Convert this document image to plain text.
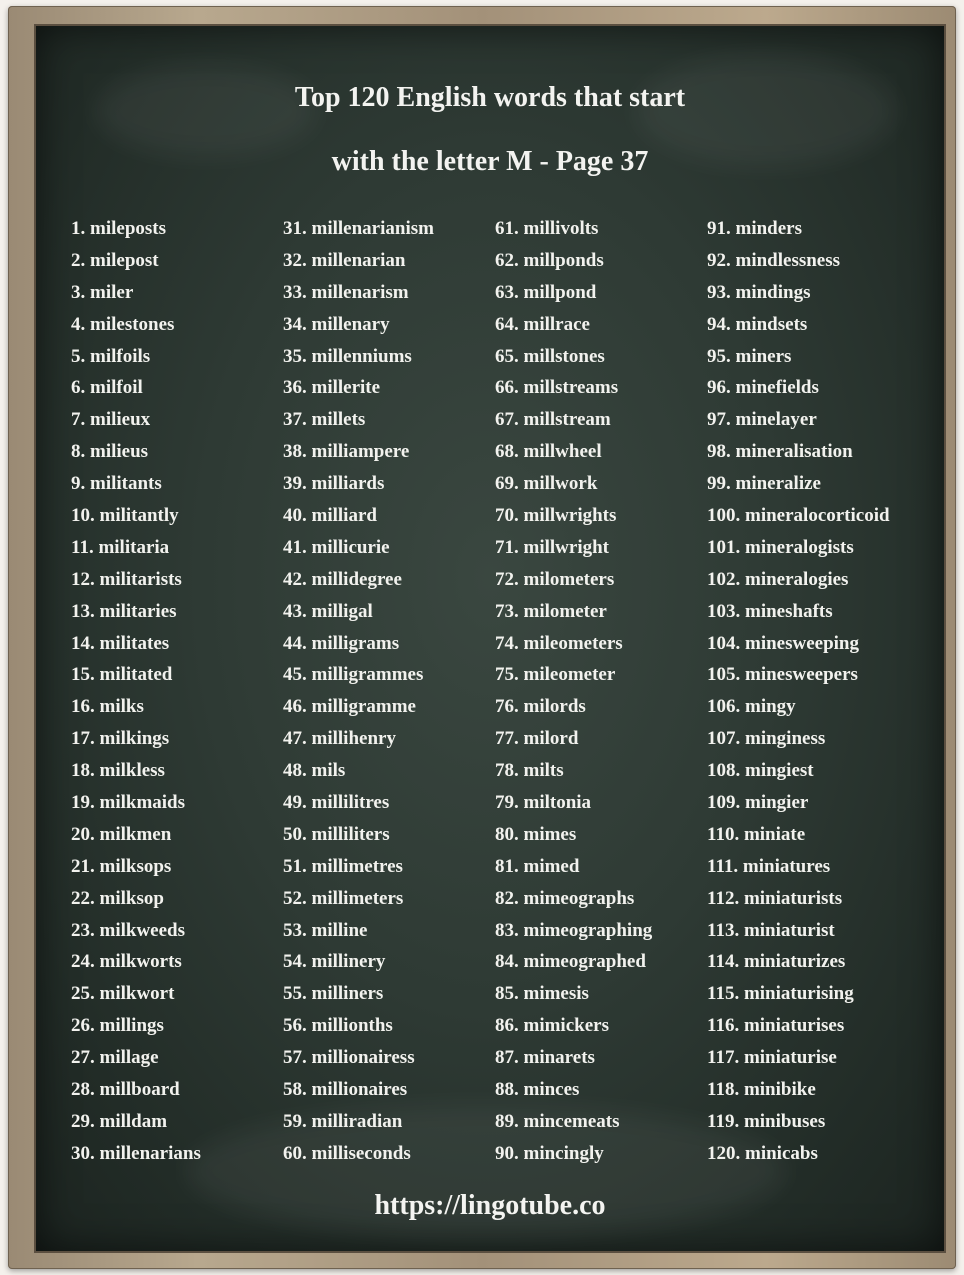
Top 120 English words that start
with the letter M - Page 37
1. mileposts
2. milepost
3. miler
4. milestones
5. milfoils
6. milfoil
7. milieux
8. milieus
9. militants
10. militantly
11. militaria
12. militarists
13. militaries
14. militates
15. militated
16. milks
17. milkings
18. milkless
19. milkmaids
20. milkmen
21. milksops
22. milksop
23. milkweeds
24. milkworts
25. milkwort
26. millings
27. millage
28. millboard
29. milldam
30. millenarians
31. millenarianism
32. millenarian
33. millenarism
34. millenary
35. millenniums
36. millerite
37. millets
38. milliampere
39. milliards
40. milliard
41. millicurie
42. millidegree
43. milligal
44. milligrams
45. milligrammes
46. milligramme
47. millihenry
48. mils
49. millilitres
50. milliliters
51. millimetres
52. millimeters
53. milline
54. millinery
55. milliners
56. millionths
57. millionairess
58. millionaires
59. milliradian
60. milliseconds
61. millivolts
62. millponds
63. millpond
64. millrace
65. millstones
66. millstreams
67. millstream
68. millwheel
69. millwork
70. millwrights
71. millwright
72. milometers
73. milometer
74. mileometers
75. mileometer
76. milords
77. milord
78. milts
79. miltonia
80. mimes
81. mimed
82. mimeographs
83. mimeographing
84. mimeographed
85. mimesis
86. mimickers
87. minarets
88. minces
89. mincemeats
90. mincingly
91. minders
92. mindlessness
93. mindings
94. mindsets
95. miners
96. minefields
97. minelayer
98. mineralisation
99. mineralize
100. mineralocorticoid
101. mineralogists
102. mineralogies
103. mineshafts
104. minesweeping
105. minesweepers
106. mingy
107. minginess
108. mingiest
109. mingier
110. miniate
111. miniatures
112. miniaturists
113. miniaturist
114. miniaturizes
115. miniaturising
116. miniaturises
117. miniaturise
118. minibike
119. minibuses
120. minicabs
https://lingotube.co
